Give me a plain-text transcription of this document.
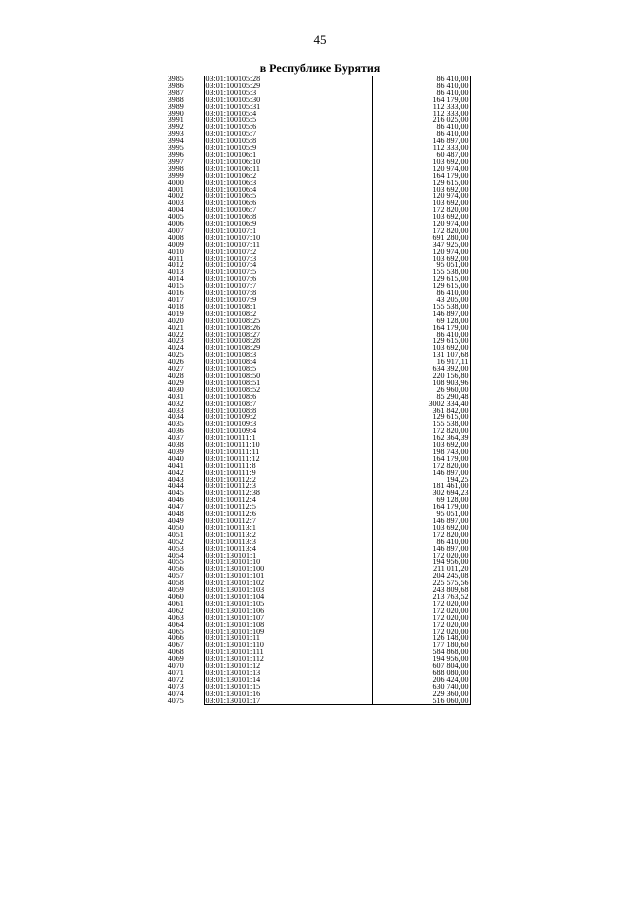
45
в Республике Бурятия
3985	03:01:100105:28	86 410,00
3986	03:01:100105:29	86 410,00
3987	03:01:100105:3	86 410,00
3988	03:01:100105:30	164 179,00
3989	03:01:100105:31	112 333,00
3990	03:01:100105:4	112 333,00
3991	03:01:100105:5	216 025,00
3992	03:01:100105:6	86 410,00
3993	03:01:100105:7	86 410,00
3994	03:01:100105:8	146 897,00
3995	03:01:100105:9	112 333,00
3996	03:01:100106:1	60 487,00
3997	03:01:100106:10	103 692,00
3998	03:01:100106:11	120 974,00
3999	03:01:100106:2	164 179,00
4000	03:01:100106:3	129 615,00
4001	03:01:100106:4	103 692,00
4002	03:01:100106:5	120 974,00
4003	03:01:100106:6	103 692,00
4004	03:01:100106:7	172 820,00
4005	03:01:100106:8	103 692,00
4006	03:01:100106:9	120 974,00
4007	03:01:100107:1	172 820,00
4008	03:01:100107:10	691 280,00
4009	03:01:100107:11	347 925,00
4010	03:01:100107:2	120 974,00
4011	03:01:100107:3	103 692,00
4012	03:01:100107:4	95 051,00
4013	03:01:100107:5	155 538,00
4014	03:01:100107:6	129 615,00
4015	03:01:100107:7	129 615,00
4016	03:01:100107:8	86 410,00
4017	03:01:100107:9	43 205,00
4018	03:01:100108:1	155 538,00
4019	03:01:100108:2	146 897,00
4020	03:01:100108:25	69 128,00
4021	03:01:100108:26	164 179,00
4022	03:01:100108:27	86 410,00
4023	03:01:100108:28	129 615,00
4024	03:01:100108:29	103 692,00
4025	03:01:100108:3	131 107,68
4026	03:01:100108:4	16 917,11
4027	03:01:100108:5	634 392,00
4028	03:01:100108:50	220 156,80
4029	03:01:100108:51	108 903,96
4030	03:01:100108:52	26 960,00
4031	03:01:100108:6	85 290,48
4032	03:01:100108:7	3002 334,40
4033	03:01:100108:8	361 842,00
4034	03:01:100109:2	129 615,00
4035	03:01:100109:3	155 538,00
4036	03:01:100109:4	172 820,00
4037	03:01:100111:1	162 364,39
4038	03:01:100111:10	103 692,00
4039	03:01:100111:11	198 743,00
4040	03:01:100111:12	164 179,00
4041	03:01:100111:8	172 820,00
4042	03:01:100111:9	146 897,00
4043	03:01:100112:2	194,25
4044	03:01:100112:3	181 461,00
4045	03:01:100112:38	302 694,23
4046	03:01:100112:4	69 128,00
4047	03:01:100112:5	164 179,00
4048	03:01:100112:6	95 051,00
4049	03:01:100112:7	146 897,00
4050	03:01:100113:1	103 692,00
4051	03:01:100113:2	172 820,00
4052	03:01:100113:3	86 410,00
4053	03:01:100113:4	146 897,00
4054	03:01:130101:1	172 020,00
4055	03:01:130101:10	194 956,00
4056	03:01:130101:100	211 011,20
4057	03:01:130101:101	204 245,08
4058	03:01:130101:102	225 575,56
4059	03:01:130101:103	243 809,68
4060	03:01:130101:104	213 763,52
4061	03:01:130101:105	172 020,00
4062	03:01:130101:106	172 020,00
4063	03:01:130101:107	172 020,00
4064	03:01:130101:108	172 020,00
4065	03:01:130101:109	172 020,00
4066	03:01:130101:11	126 148,00
4067	03:01:130101:110	177 180,60
4068	03:01:130101:111	584 868,00
4069	03:01:130101:112	194 956,00
4070	03:01:130101:12	607 804,00
4071	03:01:130101:13	688 080,00
4072	03:01:130101:14	206 424,00
4073	03:01:130101:15	630 740,00
4074	03:01:130101:16	229 360,00
4075	03:01:130101:17	516 060,00
